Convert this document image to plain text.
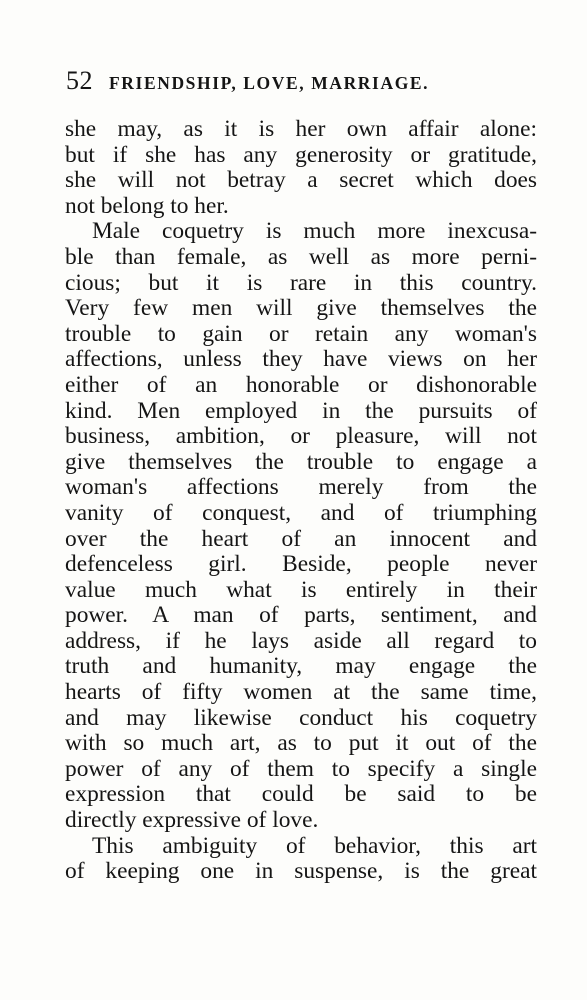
52 FRIENDSHIP, LOVE, MARRIAGE.
she may, as it is her own affair alone:
but if she has any generosity or gratitude,
she will not betray a secret which does
not belong to her.
Male coquetry is much more inexcusa-
ble than female, as well as more perni-
cious; but it is rare in this country.
Very few men will give themselves the
trouble to gain or retain any woman's
affections, unless they have views on her
either of an honorable or dishonorable
kind. Men employed in the pursuits of
business, ambition, or pleasure, will not
give themselves the trouble to engage a
woman's affections merely from the
vanity of conquest, and of triumphing
over the heart of an innocent and
defenceless girl. Beside, people never
value much what is entirely in their
power. A man of parts, sentiment, and
address, if he lays aside all regard to
truth and humanity, may engage the
hearts of fifty women at the same time,
and may likewise conduct his coquetry
with so much art, as to put it out of the
power of any of them to specify a single
expression that could be said to be
directly expressive of love.
This ambiguity of behavior, this art
of keeping one in suspense, is the great
